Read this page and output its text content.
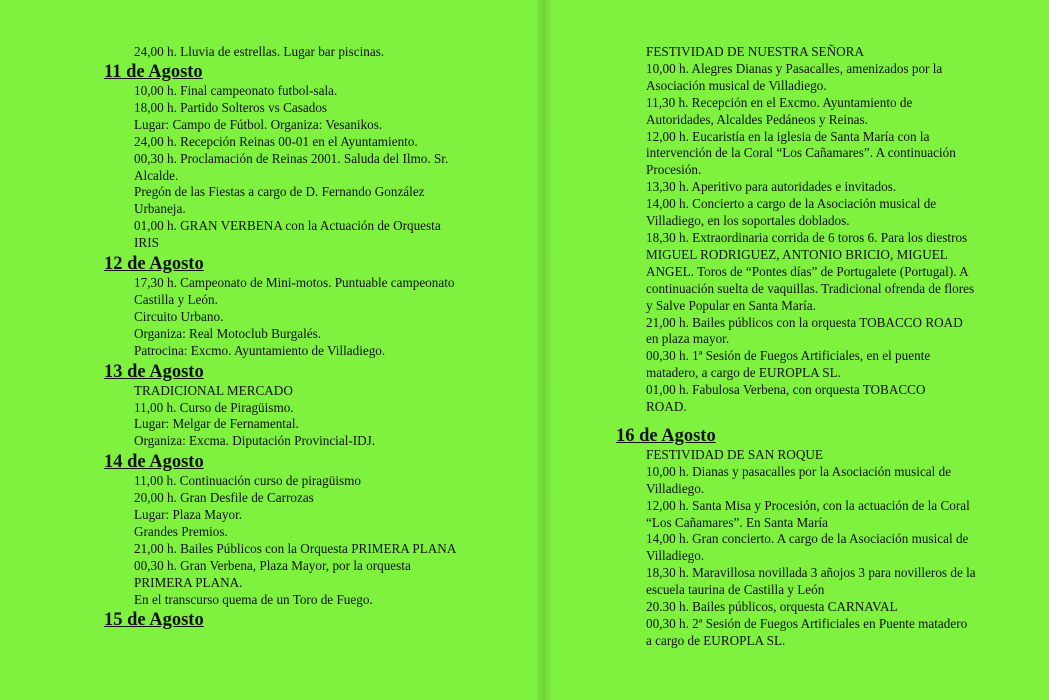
24,00 h. Lluvia de estrellas. Lugar bar piscinas.
11 de Agosto
10,00 h. Final campeonato futbol-sala.
18,00 h. Partido Solteros vs Casados
Lugar: Campo de Fútbol. Organiza: Vesanikos.
24,00 h. Recepción Reinas 00-01 en el Ayuntamiento.
00,30 h. Proclamación de Reinas 2001. Saluda del Ilmo. Sr.
Alcalde.
Pregón de las Fiestas a cargo de D. Fernando González
Urbaneja.
01,00 h. GRAN VERBENA con la Actuación de Orquesta
IRIS
12 de Agosto
17,30 h. Campeonato de Mini-motos. Puntuable campeonato
Castilla y León.
Circuito Urbano.
Organiza: Real Motoclub Burgalés.
Patrocina: Excmo. Ayuntamiento de Villadiego.
13 de Agosto
TRADICIONAL MERCADO
11,00 h. Curso de Piragüismo.
Lugar: Melgar de Fernamental.
Organiza: Excma. Diputación Provincial-IDJ.
14 de Agosto
11,00 h. Continuación curso de piragüismo
20,00 h. Gran Desfile de Carrozas
Lugar: Plaza Mayor.
Grandes Premios.
21,00 h. Bailes Públicos con la Orquesta PRIMERA PLANA
00,30 h. Gran Verbena, Plaza Mayor, por la orquesta
PRIMERA PLANA.
En el transcurso quema de un Toro de Fuego.
15 de Agosto
FESTIVIDAD DE NUESTRA SEÑORA
10,00 h. Alegres Dianas y Pasacalles, amenizados por la
Asociación musical de Villadiego.
11,30 h. Recepción en el Excmo. Ayuntamiento de
Autoridades, Alcaldes Pedáneos y Reinas.
12,00 h. Eucaristía en la iglesia de Santa María con la
intervención de la Coral “Los Cañamares”. A continuación
Procesión.
13,30 h. Aperitivo para autoridades e invitados.
14,00 h. Concierto a cargo de la Asociación musical de
Villadiego, en los soportales doblados.
18,30 h. Extraordinaria corrida de 6 toros 6. Para los diestros
MIGUEL RODRIGUEZ, ANTONIO BRICIO, MIGUEL
ANGEL. Toros de “Pontes días” de Portugalete (Portugal). A
continuación suelta de vaquillas. Tradicional ofrenda de flores
y Salve Popular en Santa María.
21,00 h. Bailes públicos con la orquesta TOBACCO ROAD
en plaza mayor.
00,30 h. 1ª Sesión de Fuegos Artificiales, en el puente
matadero, a cargo de EUROPLA SL.
01,00 h. Fabulosa Verbena, con orquesta TOBACCO
ROAD.
16 de Agosto
FESTIVIDAD DE SAN ROQUE
10,00 h. Dianas y pasacalles por la Asociación musical de
Villadiego.
12,00 h. Santa Misa y Procesión, con la actuación de la Coral
“Los Cañamares”. En Santa María
14,00 h. Gran concierto. A cargo de la Asociación musical de
Villadiego.
18,30 h. Maravillosa novillada 3 añojos 3 para novilleros de la
escuela taurina de Castilla y León
20.30 h. Bailes públicos, orquesta CARNAVAL
00,30 h. 2ª Sesión de Fuegos Artificiales en Puente matadero
a cargo de EUROPLA SL.
